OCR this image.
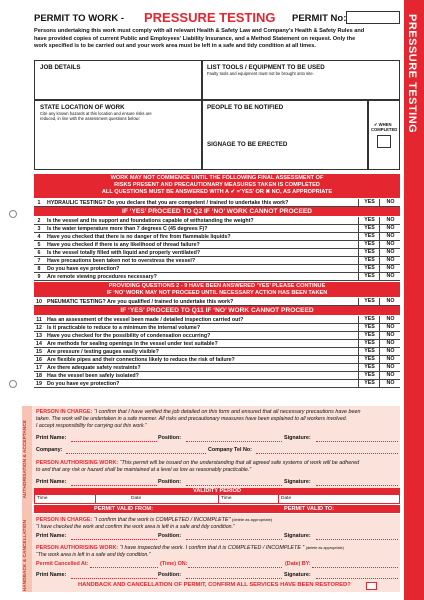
PERMIT TO WORK - PRESSURE TESTING PERMIT No:	PRESSURE TESTING
Persons undertaking this work must comply with all relevant Health & Safety Law and Company's Health & Safety Rules and
have provided copies of current Public and Employees' Liability Insurance, and a Method Statement on request. Only the
work specified is to be carried out and your work area must be left in a safe and tidy condition at all times.
JOB DETAILS	LIST TOOLS / EQUIPMENT TO BE USED
Faulty tools and equipment must not be brought onto site.
STATE LOCATION OF WORK
Cite any known hazards at this location and ensure risks are
reduced, in line with the assessment questions below:
PEOPLE TO BE NOTIFIED
SIGNAGE TO BE ERECTED
✔ WHEN
COMPLETED
WORK MAY NOT COMMENCE UNTIL THE FOLLOWING FINAL ASSESSMENT OF
RISKS PRESENT AND PRECAUTIONARY MEASURES TAKEN IS COMPLETED
ALL QUESTIONS MUST BE ANSWERED WITH A ✔ =’YES’ OR ✖ NO, AS APPROPRIATE
1	HYDRAULIC TESTING? Do you declare that you are competent / trained to undertake this work?	YES	NO
IF ‘YES’ PROCEED TO Q2 IF ‘NO’ WORK CANNOT PROCEED
2	Is the vessel and its support and foundations capable of withstanding the weight?	YES	NO
3	Is the water temperature more than 7 degrees C (45 degrees F)?	YES	NO
4	Have you checked that there is no danger of fire from flammable liquids?	YES	NO
5	Have you checked if there is any likelihood of thread failure?	YES	NO
6	Is the vessel totally filled with liquid and properly ventilated?	YES	NO
7	Have precautions been taken not to overstress the vessel?	YES	NO
8	Do you have eye protection?	YES	NO
9	Are remote viewing procedures necessary?	YES	NO
PROVIDING QUESTIONS 2 - 9 HAVE BEEN ANSWERED ‘YES’ PLEASE CONTINUE
IF ‘NO’ WORK MAY NOT PROCEED UNTIL NECESSARY ACTION HAS BEEN TAKEN
10 PNEUMATIC TESTING? Are you qualified / trained to undertake this work?	YES	NO
IF ‘YES’ PROCEED TO Q11 IF ‘NO’ WORK CANNOT PROCEED
11 Has an assessment of the vessel been made / detailed inspection carried out?	YES	NO
12 Is it practicable to reduce to a minimum the internal volume?	YES	NO
13 Have you checked for the possibility of condensation occurring?	YES	NO
14 Are methods for sealing openings in the vessel under test suitable?	YES	NO
15 Are pressure / testing gauges easily visible?	YES	NO
16 Are flexible pipes and their connections likely to reduce the risk of failure?	YES	NO
17 Are there adequate safety restraints?	YES	NO
18 Has the vessel been safely isolated?	YES	NO
19 Do you have eye protection?	YES	NO
AUTHORISATION & ACCEPTANCE
PERSON IN CHARGE: “I confirm that I have verified the job detailed on this form and ensured that all necessary precautions have been
taken. The work will be undertaken in a safe manner. All risks and precautionary measures have been explained to all workers involved.
I accept responsibility for carrying out this work.”
Print Name:	Position:	Signature:
Company:	Company Tel No:
PERSON AUTHORISING WORK: “This permit will be issued on the understanding that all agreed safe systems of work will be adhered
to and that any risk or hazard shall be maintained at a level as low as reasonably practicable.”
Print Name:	Position:	Signature:
Time	Date	Time	Date
VALIDITY PERIOD
PERMIT VALID FROM:	PERMIT VALID TO:
HANDBACK & CANCELLATION PERSON IN CHARGE: “I confirm that the work is COMPLETED / INCOMPLETE” (delete as appropriate)
“I have checked the work and confirm the work area is left in a safe and tidy condition.”
Print Name:	Position:	Signature:
PERSON AUTHORISING WORK: “I have inspected the work. I confirm that it is COMPLETED / INCOMPLETE ” (delete as appropriate)
“The work area is left in a safe and tidy condition.”
Permit Cancelled At:	(Time) ON:	(Date) BY:
Print Name:	Position:	Signature:
HANDBACK AND CANCELLATION OF PERMIT, CONFIRM ALL SERVICES HAVE BEEN RESTORED?
